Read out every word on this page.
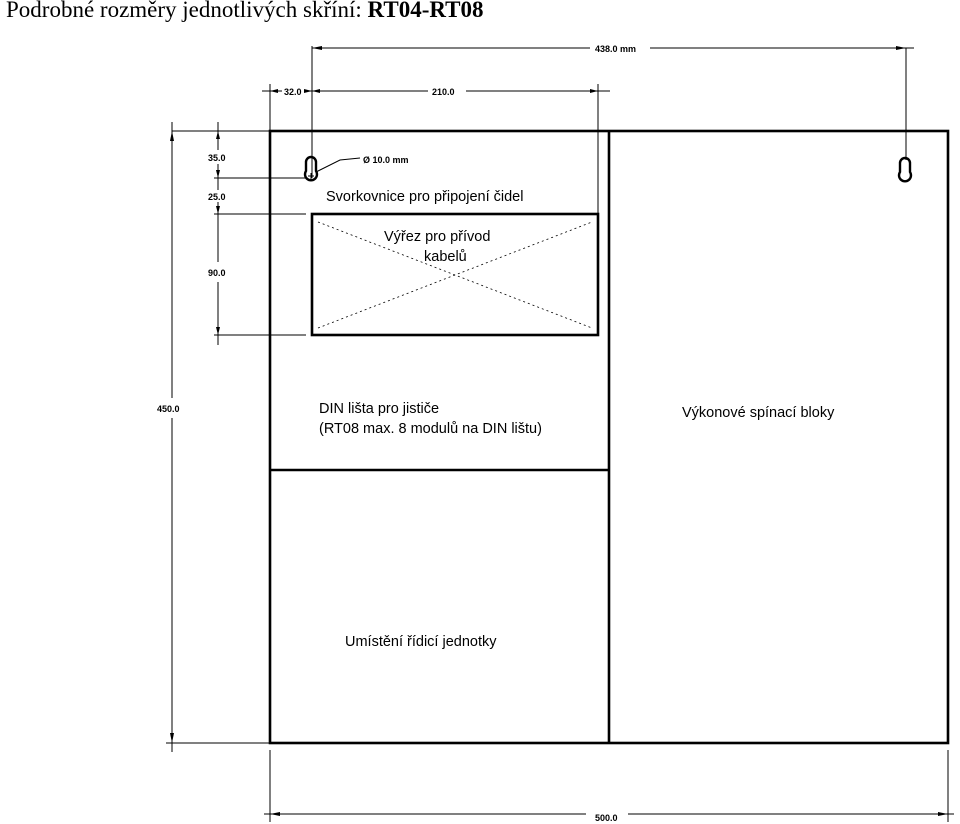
Podrobné rozměry jednotlivých skříní: RT04-RT08
438.0 mm
32.0	210.0
35.0
25.0
90.0
450.0
500.0
Ø 10.0 mm
Svorkovnice pro připojení čidel
Výřez pro přívod
kabelů
DIN lišta pro jističe
(RT08 max. 8 modulů na DIN lištu)
Výkonové spínací bloky
Umístění řídicí jednotky
